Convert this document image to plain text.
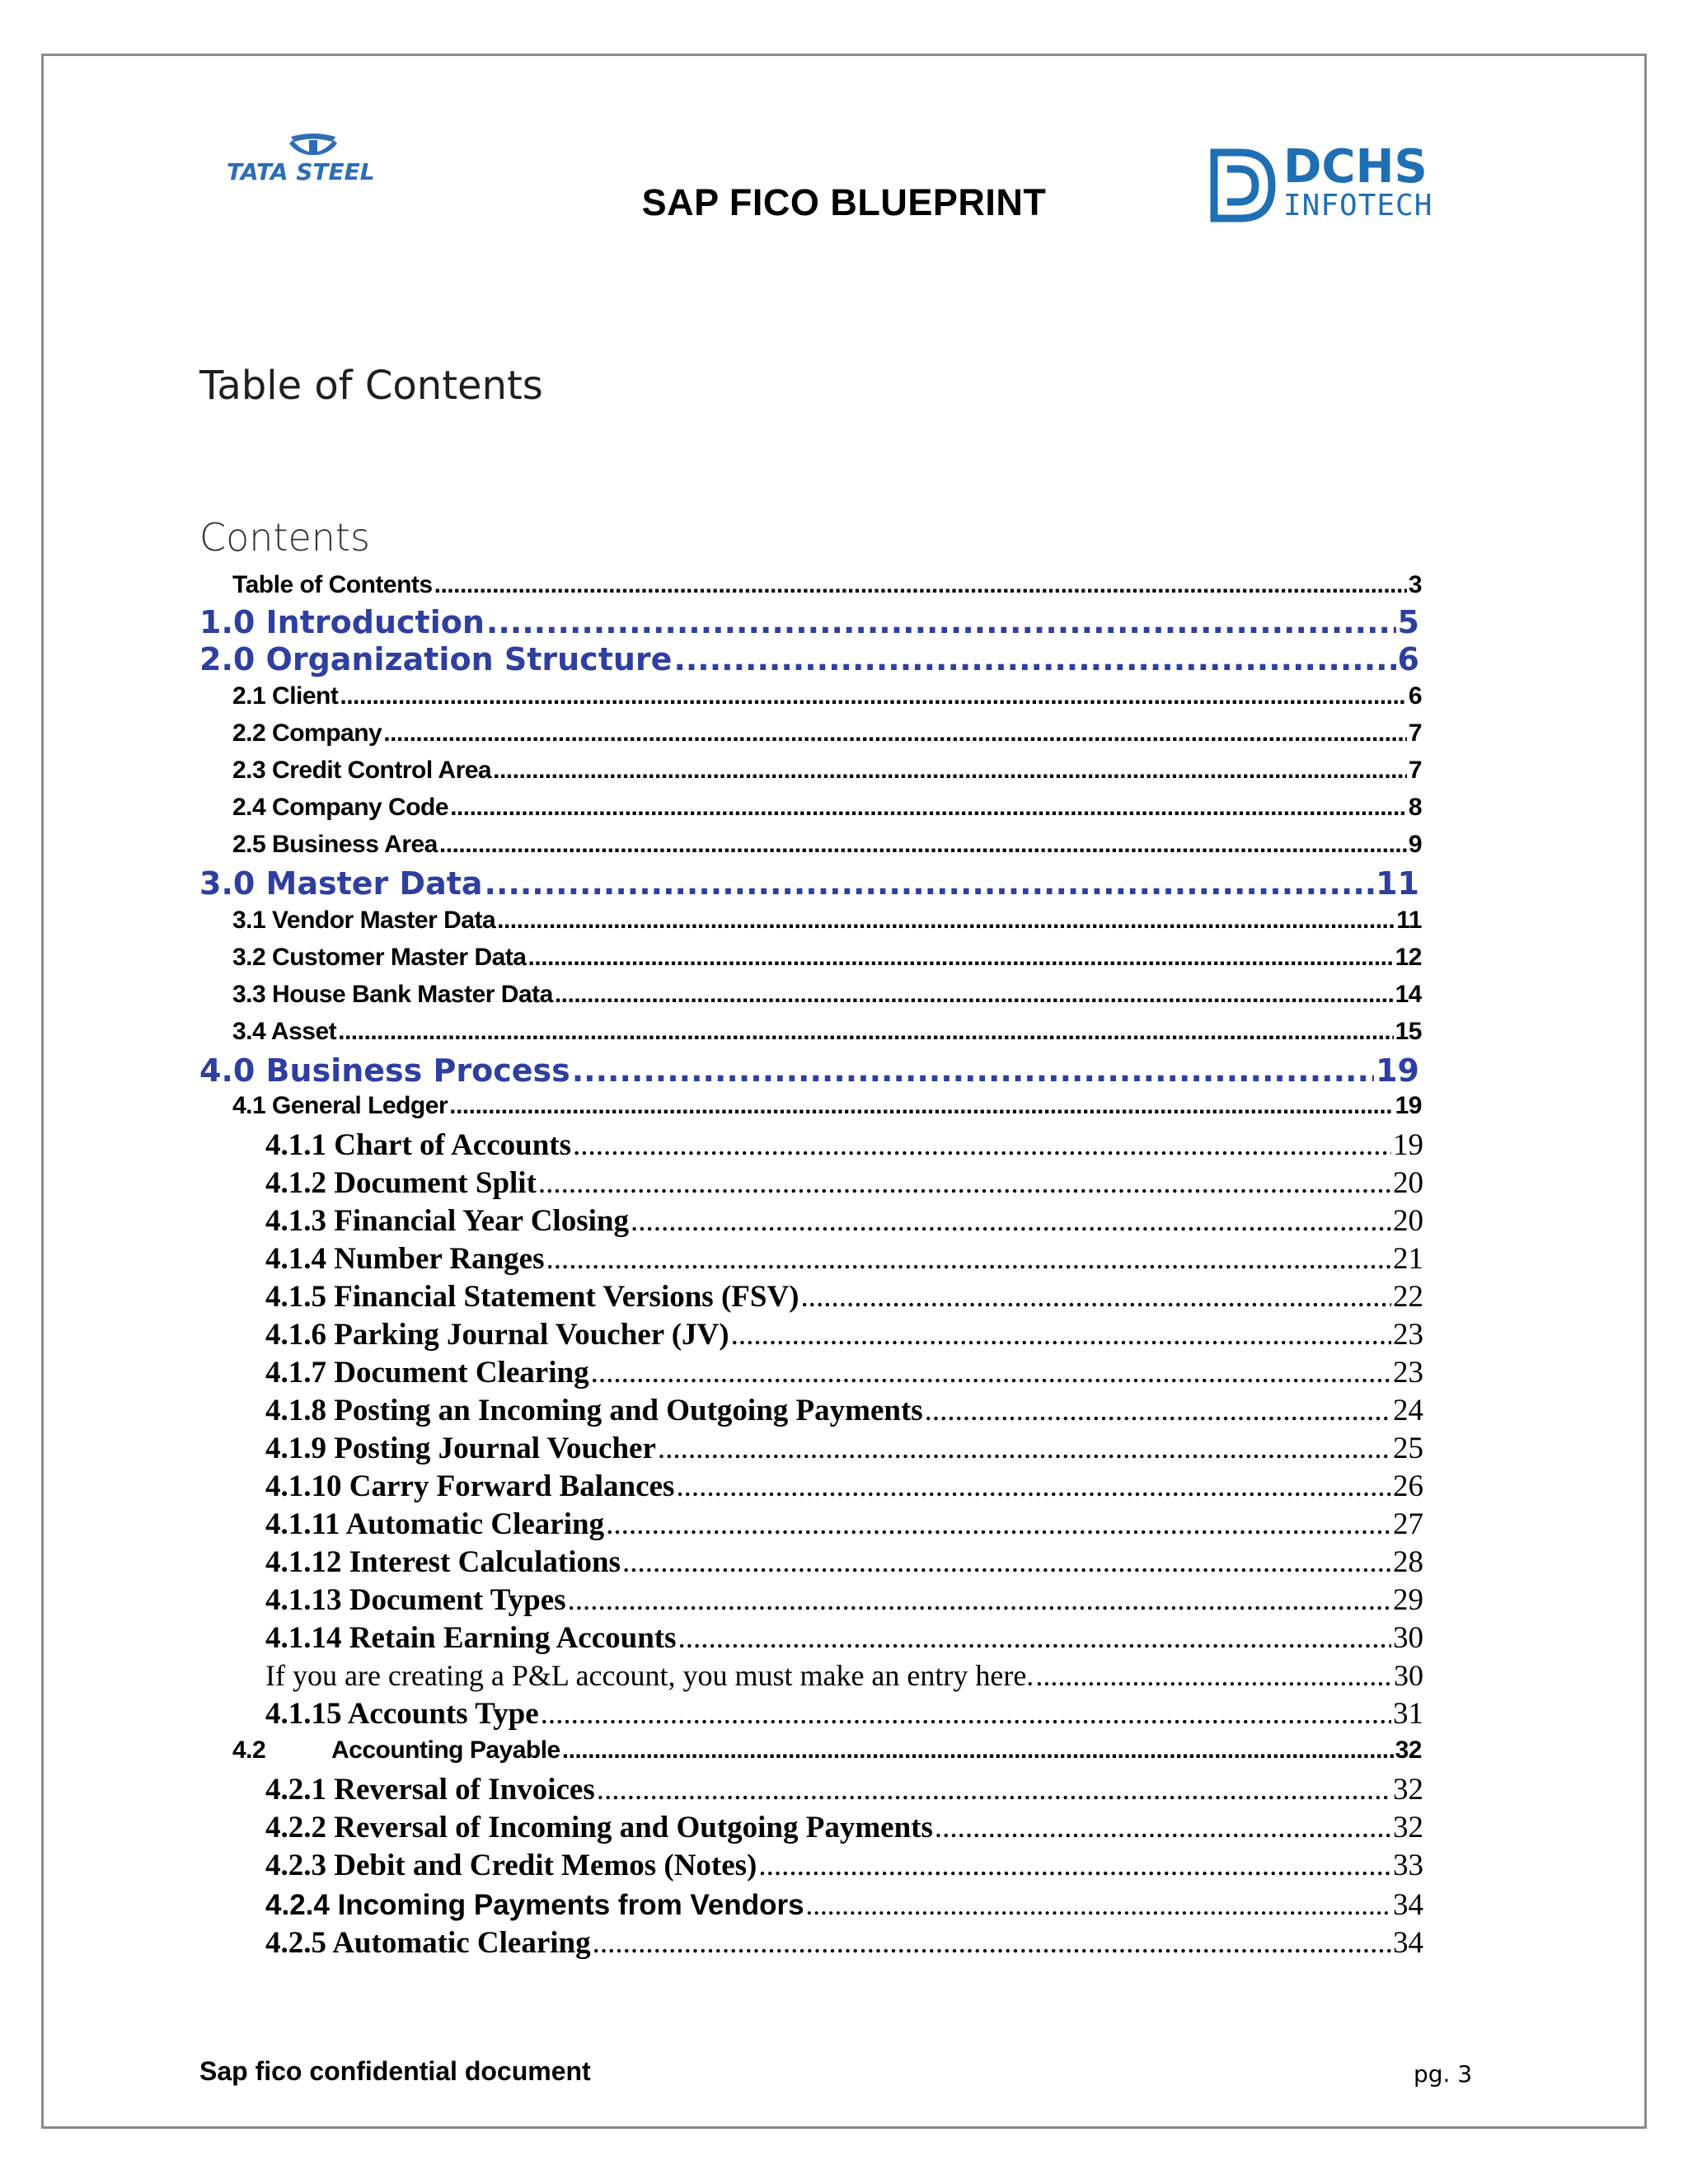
TATA STEEL	DCHS
INFOTECH
SAP FICO BLUEPRINT
Table of Contents
Contents
Table of Contents .....	3
1.0 Introduction .....	5
2.0 Organization Structure .....	6
2.1 Client .....	6
2.2 Company .....	7
2.3 Credit Control Area .....	7
2.4 Company Code .....	8
2.5 Business Area .....	9
3.0 Master Data .....	11
3.1 Vendor Master Data .....	11
3.2 Customer Master Data .....	12
3.3 House Bank Master Data .....	14
3.4 Asset .....	15
4.0 Business Process .....	19
4.1 General Ledger .....	19
4.1.1 Chart of Accounts .....	19
4.1.2 Document Split .....	20
4.1.3 Financial Year Closing .....	20
4.1.4 Number Ranges .....	21
4.1.5 Financial Statement Versions (FSV) .....	22
4.1.6 Parking Journal Voucher (JV) .....	23
4.1.7 Document Clearing .....	23
4.1.8 Posting an Incoming and Outgoing Payments .....	24
4.1.9 Posting Journal Voucher .....	25
4.1.10 Carry Forward Balances .....	26
4.1.11 Automatic Clearing .....	27
4.1.12 Interest Calculations .....	28
4.1.13 Document Types .....	29
4.1.14 Retain Earning Accounts .....	30
If you are creating a P&L account, you must make an entry here. .....	30
4.1.15 Accounts Type .....	31
4.2	Accounting Payable .....	32
4.2.1 Reversal of Invoices .....	32
4.2.2 Reversal of Incoming and Outgoing Payments .....	32
4.2.3 Debit and Credit Memos (Notes) .....	33
4.2.4 Incoming Payments from Vendors .....	34
4.2.5 Automatic Clearing .....	34
Sap fico confidential document	pg. 3
